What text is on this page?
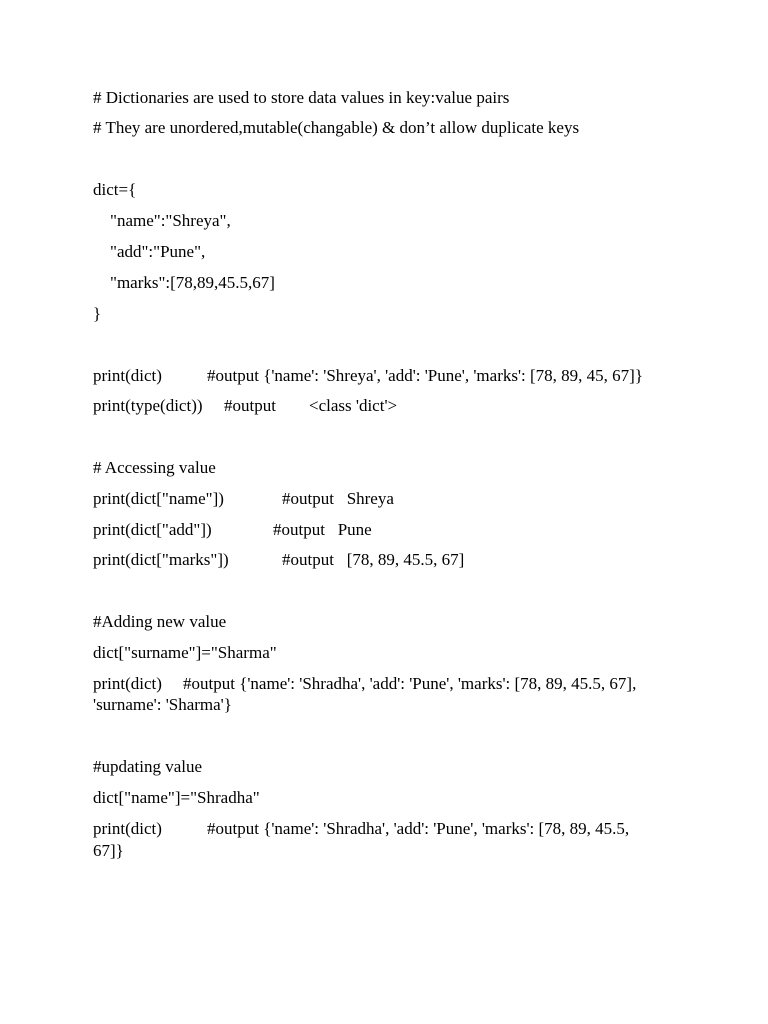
# Dictionaries are used to store data values in key:value pairs
# They are unordered,mutable(changable) & don’t allow duplicate keys
dict={
"name":"Shreya",
"add":"Pune",
"marks":[78,89,45.5,67]
}
print(dict)	#output {'name': 'Shreya', 'add': 'Pune', 'marks': [78, 89, 45, 67]}
print(type(dict)) #output <class 'dict'>
# Accessing value
print(dict["name"])	#output   Shreya
print(dict["add"])	#output   Pune
print(dict["marks"])	#output   [78, 89, 45.5, 67]
#Adding new value
dict["surname"]="Sharma"
print(dict) #output {'name': 'Shradha', 'add': 'Pune', 'marks': [78, 89, 45.5, 67],
'surname': 'Sharma'}
#updating value
dict["name"]="Shradha"
print(dict)	#output {'name': 'Shradha', 'add': 'Pune', 'marks': [78, 89, 45.5,
67]}
